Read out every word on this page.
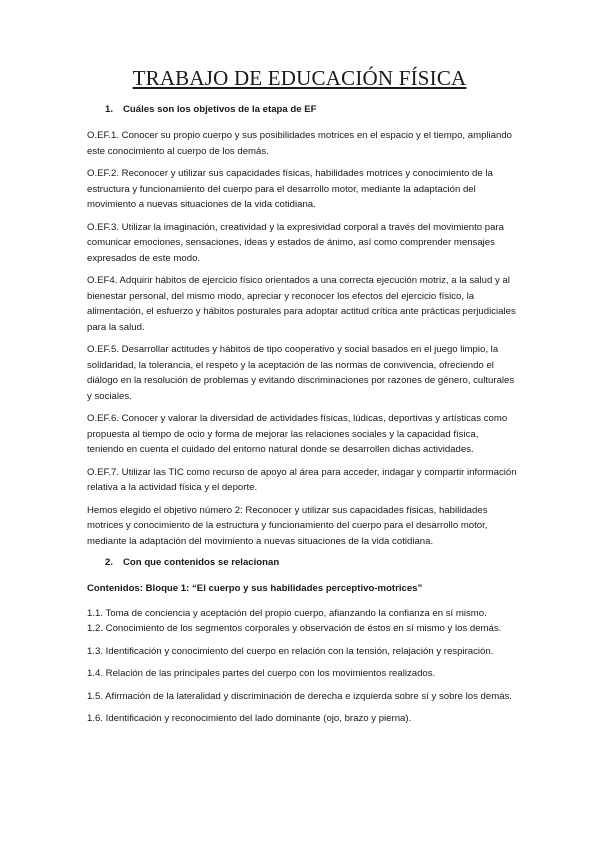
TRABAJO DE EDUCACIÓN FÍSICA
1. Cuáles son los objetivos de la etapa de EF

O.EF.1. Conocer su propio cuerpo y sus posibilidades motrices en el espacio y el tiempo, ampliando este conocimiento al cuerpo de los demás.

O.EF.2. Reconocer y utilizar sus capacidades físicas, habilidades motrices y conocimiento de la estructura y funcionamiento del cuerpo para el desarrollo motor, mediante la adaptación del movimiento a nuevas situaciones de la vida cotidiana.

O.EF.3. Utilizar la imaginación, creatividad y la expresividad corporal a través del movimiento para comunicar emociones, sensaciones, ideas y estados de ánimo, así como comprender mensajes expresados de este modo.

O.EF4. Adquirir hábitos de ejercicio físico orientados a una correcta ejecución motriz, a la salud y al bienestar personal, del mismo modo, apreciar y reconocer los efectos del ejercicio físico, la alimentación, el esfuerzo y hábitos posturales para adoptar actitud crítica ante prácticas perjudiciales para la salud.

O.EF.5. Desarrollar actitudes y hábitos de tipo cooperativo y social basados en el juego limpio, la solidaridad, la tolerancia, el respeto y la aceptación de las normas de convivencia, ofreciendo el diálogo en la resolución de problemas y evitando discriminaciones por razones de género, culturales y sociales.

O.EF.6. Conocer y valorar la diversidad de actividades físicas, lúdicas, deportivas y artísticas como propuesta al tiempo de ocio y forma de mejorar las relaciones sociales y la capacidad física, teniendo en cuenta el cuidado del entorno natural donde se desarrollen dichas actividades.

O.EF.7. Utilizar las TIC como recurso de apoyo al área para acceder, indagar y compartir información relativa a la actividad física y el deporte.

Hemos elegido el objetivo número 2: Reconocer y utilizar sus capacidades físicas, habilidades motrices y conocimiento de la estructura y funcionamiento del cuerpo para el desarrollo motor, mediante la adaptación del movimiento a nuevas situaciones de la vida cotidiana.

2. Con que contenidos se relacionan

Contenidos: Bloque 1: “El cuerpo y sus habilidades perceptivo-motrices”

1.1. Toma de conciencia y aceptación del propio cuerpo, afianzando la confianza en sí mismo.

1.2. Conocimiento de los segmentos corporales y observación de éstos en sí mismo y los demás.

1.3. Identificación y conocimiento del cuerpo en relación con la tensión, relajación y respiración.

1.4. Relación de las principales partes del cuerpo con los movimientos realizados.

1.5. Afirmación de la lateralidad y discriminación de derecha e izquierda sobre sí y sobre los demás.

1.6. Identificación y reconocimiento del lado dominante (ojo, brazo y pierna).
